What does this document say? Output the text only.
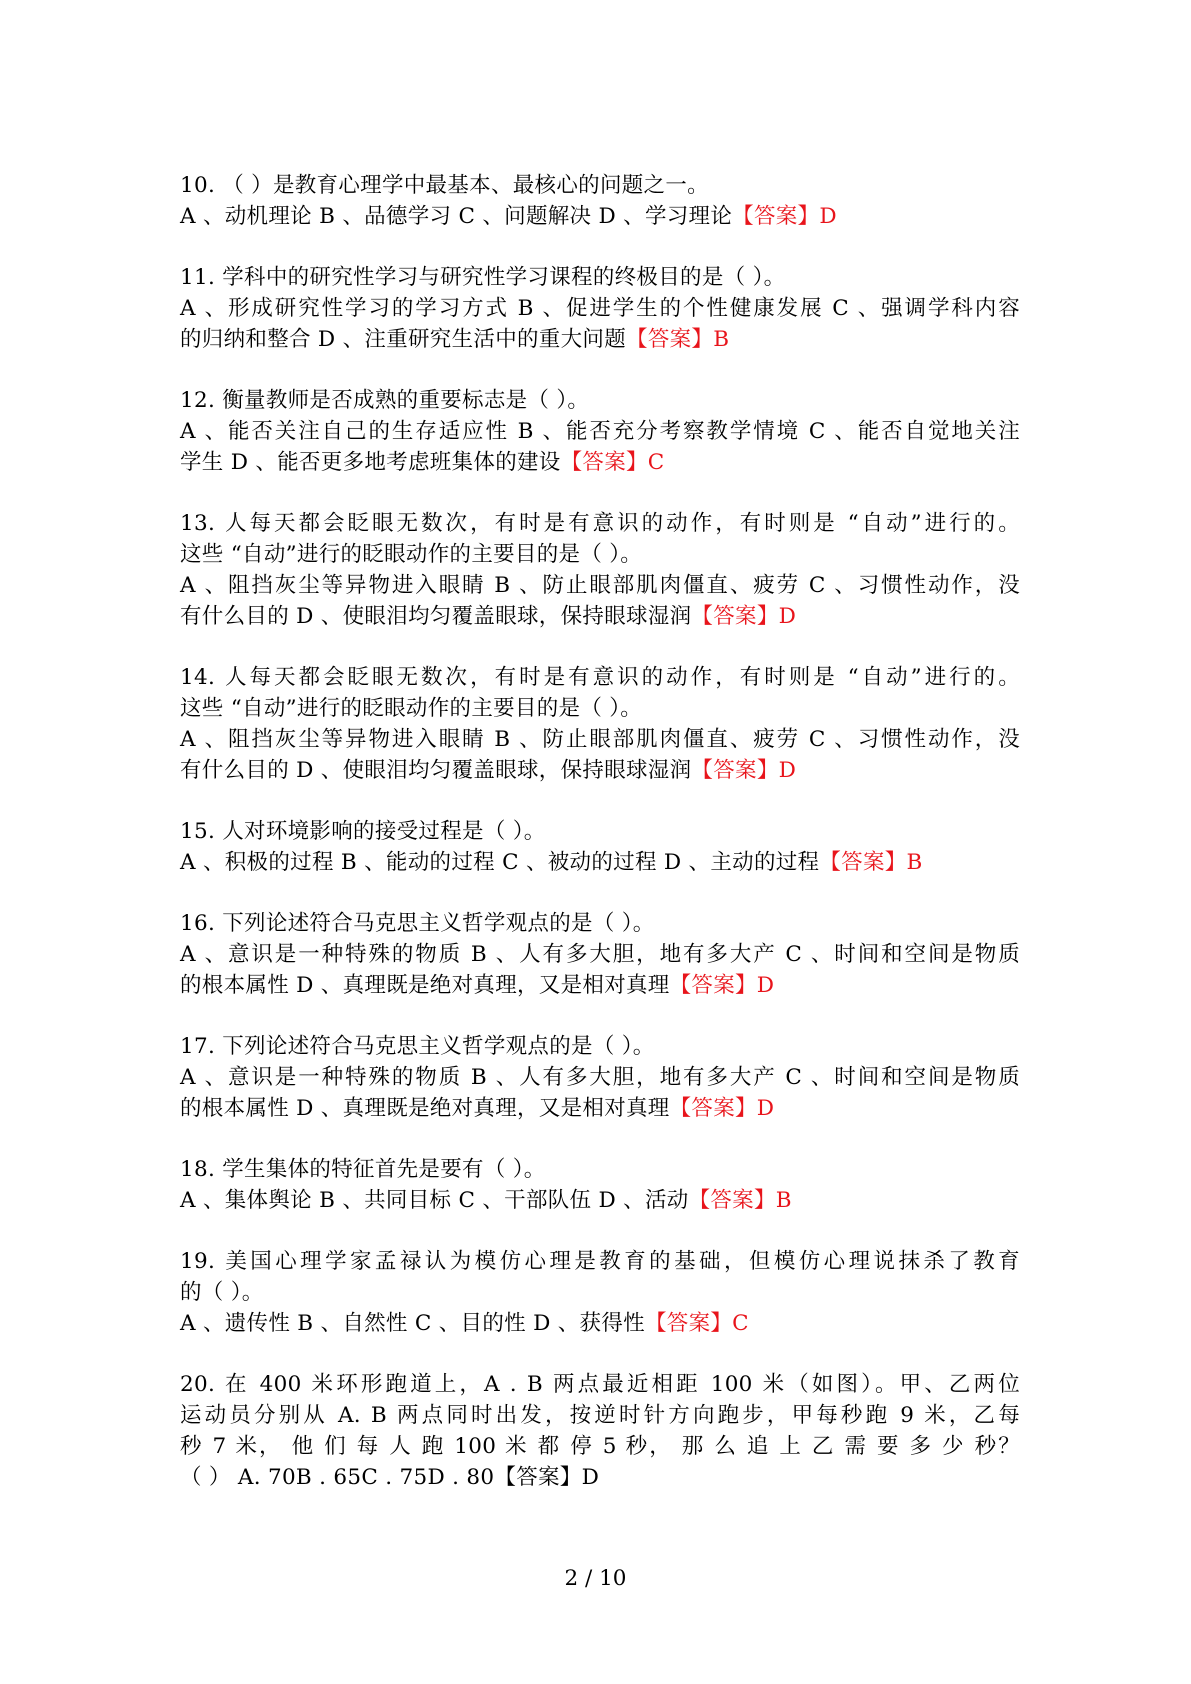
10. （ ）是教育心理学中最基本、最核心的问题之一。
A 、动机理论 B 、品德学习 C 、问题解决 D 、学习理论【答案】D
11. 学科中的研究性学习与研究性学习课程的终极目的是（ ）。
A 、形成研究性学习的学习方式 B 、促进学生的个性健康发展 C 、强调学科内容
的归纳和整合 D 、注重研究生活中的重大问题【答案】B
12. 衡量教师是否成熟的重要标志是（ ）。
A 、能否关注自己的生存适应性 B 、能否充分考察教学情境 C 、能否自觉地关注
学生 D 、能否更多地考虑班集体的建设【答案】C
13. 人每天都会眨眼无数次，有时是有意识的动作，有时则是 “自动”进行的。
这些 “自动”进行的眨眼动作的主要目的是（ ）。
A 、阻挡灰尘等异物进入眼睛 B 、防止眼部肌肉僵直、疲劳 C 、习惯性动作，没
有什么目的 D 、使眼泪均匀覆盖眼球，保持眼球湿润【答案】D
14. 人每天都会眨眼无数次，有时是有意识的动作，有时则是 “自动”进行的。
这些 “自动”进行的眨眼动作的主要目的是（ ）。
A 、阻挡灰尘等异物进入眼睛 B 、防止眼部肌肉僵直、疲劳 C 、习惯性动作，没
有什么目的 D 、使眼泪均匀覆盖眼球，保持眼球湿润【答案】D
15. 人对环境影响的接受过程是（ ）。
A 、积极的过程 B 、能动的过程 C 、被动的过程 D 、主动的过程【答案】B
16. 下列论述符合马克思主义哲学观点的是（ ）。
A 、意识是一种特殊的物质 B 、人有多大胆，地有多大产 C 、时间和空间是物质
的根本属性 D 、真理既是绝对真理，又是相对真理【答案】D
17. 下列论述符合马克思主义哲学观点的是（ ）。
A 、意识是一种特殊的物质 B 、人有多大胆，地有多大产 C 、时间和空间是物质
的根本属性 D 、真理既是绝对真理，又是相对真理【答案】D
18. 学生集体的特征首先是要有（ ）。
A 、集体舆论 B 、共同目标 C 、干部队伍 D 、活动【答案】B
19. 美国心理学家孟禄认为模仿心理是教育的基础，但模仿心理说抹杀了教育
的（ ）。
A 、遗传性 B 、自然性 C 、目的性 D 、获得性【答案】C
20. 在 400 米环形跑道上，A . B 两点最近相距 100 米（如图）。甲、乙两位
运动员分别从 A. B 两点同时出发，按逆时针方向跑步，甲每秒跑 9 米，乙每
秒 7 米， 他 们 每 人 跑 100 米 都 停 5 秒， 那 么 追 上 乙 需 要 多 少 秒？
（ ） A. 70B . 65C . 75D . 80【答案】D
2 / 10
